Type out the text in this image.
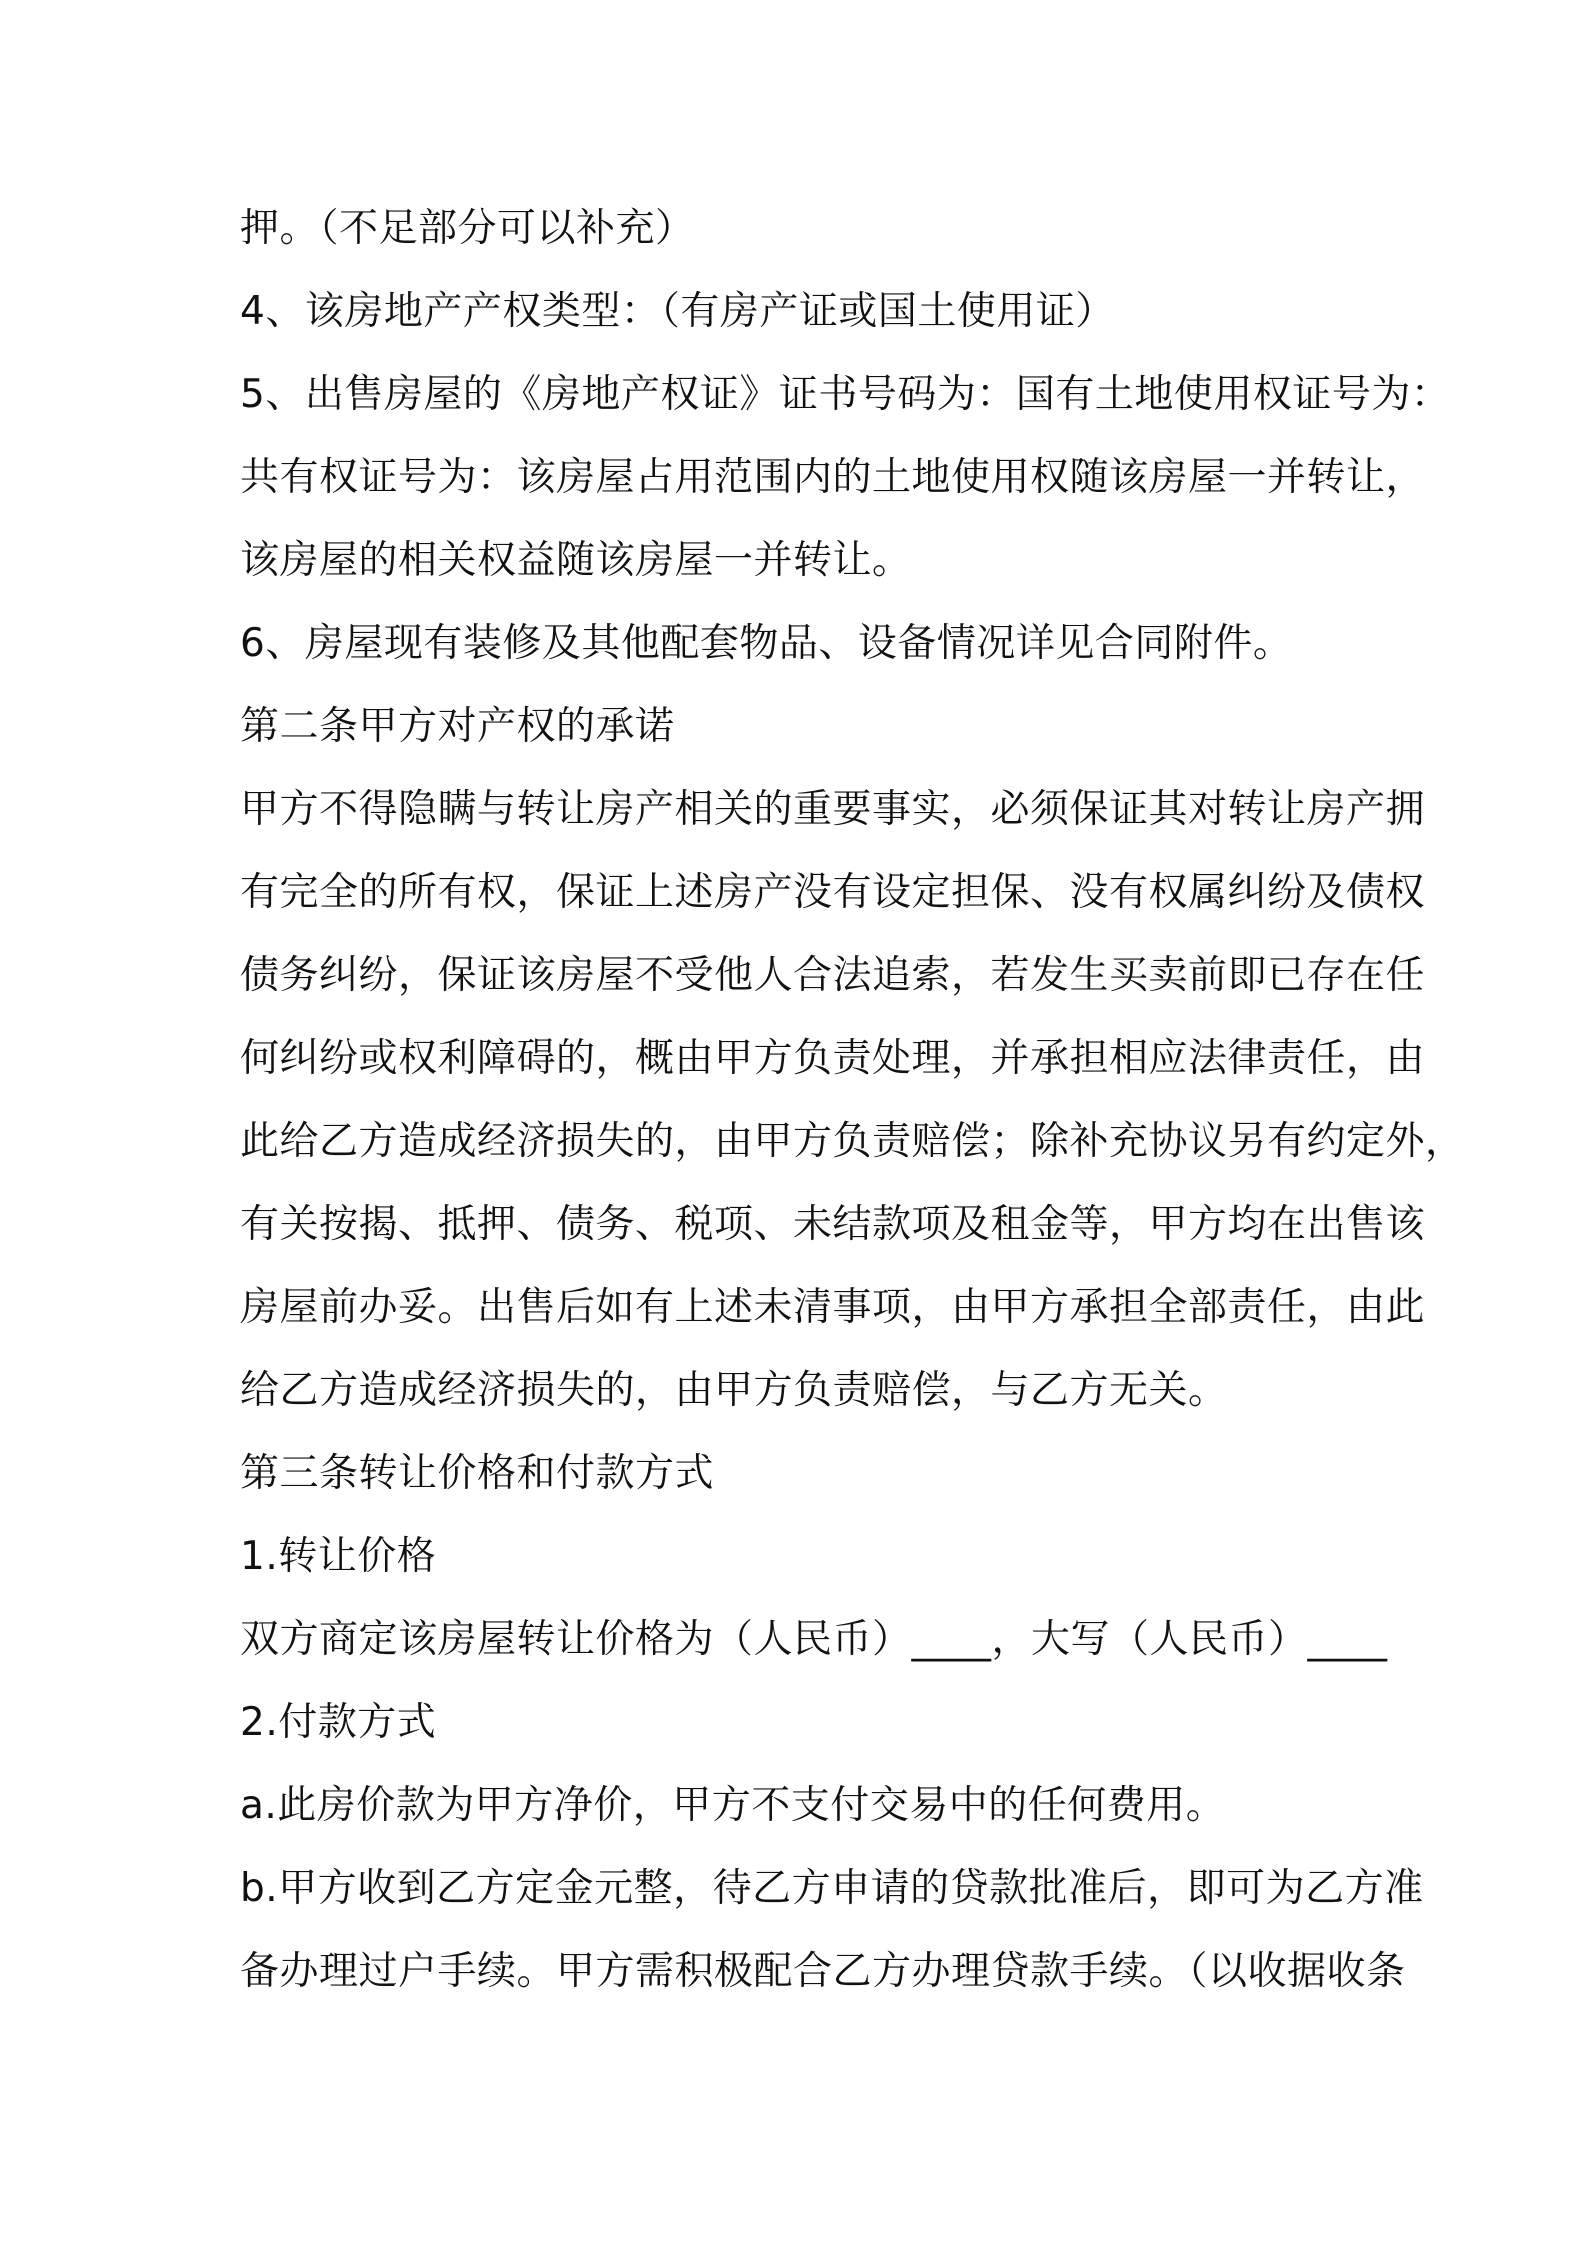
押。（不足部分可以补充）
4、该房地产产权类型：（有房产证或国土使用证）
5、出售房屋的《房地产权证》证书号码为：国有土地使用权证号为：
共有权证号为：该房屋占用范围内的土地使用权随该房屋一并转让，
该房屋的相关权益随该房屋一并转让。
6、房屋现有装修及其他配套物品、设备情况详见合同附件。
第二条甲方对产权的承诺
甲方不得隐瞒与转让房产相关的重要事实，必须保证其对转让房产拥
有完全的所有权，保证上述房产没有设定担保、没有权属纠纷及债权
债务纠纷，保证该房屋不受他人合法追索，若发生买卖前即已存在任
何纠纷或权利障碍的，概由甲方负责处理，并承担相应法律责任，由
此给乙方造成经济损失的，由甲方负责赔偿；除补充协议另有约定外，
有关按揭、抵押、债务、税项、未结款项及租金等，甲方均在出售该
房屋前办妥。出售后如有上述未清事项，由甲方承担全部责任，由此
给乙方造成经济损失的，由甲方负责赔偿，与乙方无关。
第三条转让价格和付款方式
1.转让价格
双方商定该房屋转让价格为（人民币）____，大写（人民币）____
2.付款方式
a.此房价款为甲方净价，甲方不支付交易中的任何费用。
b.甲方收到乙方定金元整，待乙方申请的贷款批准后，即可为乙方准
备办理过户手续。甲方需积极配合乙方办理贷款手续。（以收据收条
